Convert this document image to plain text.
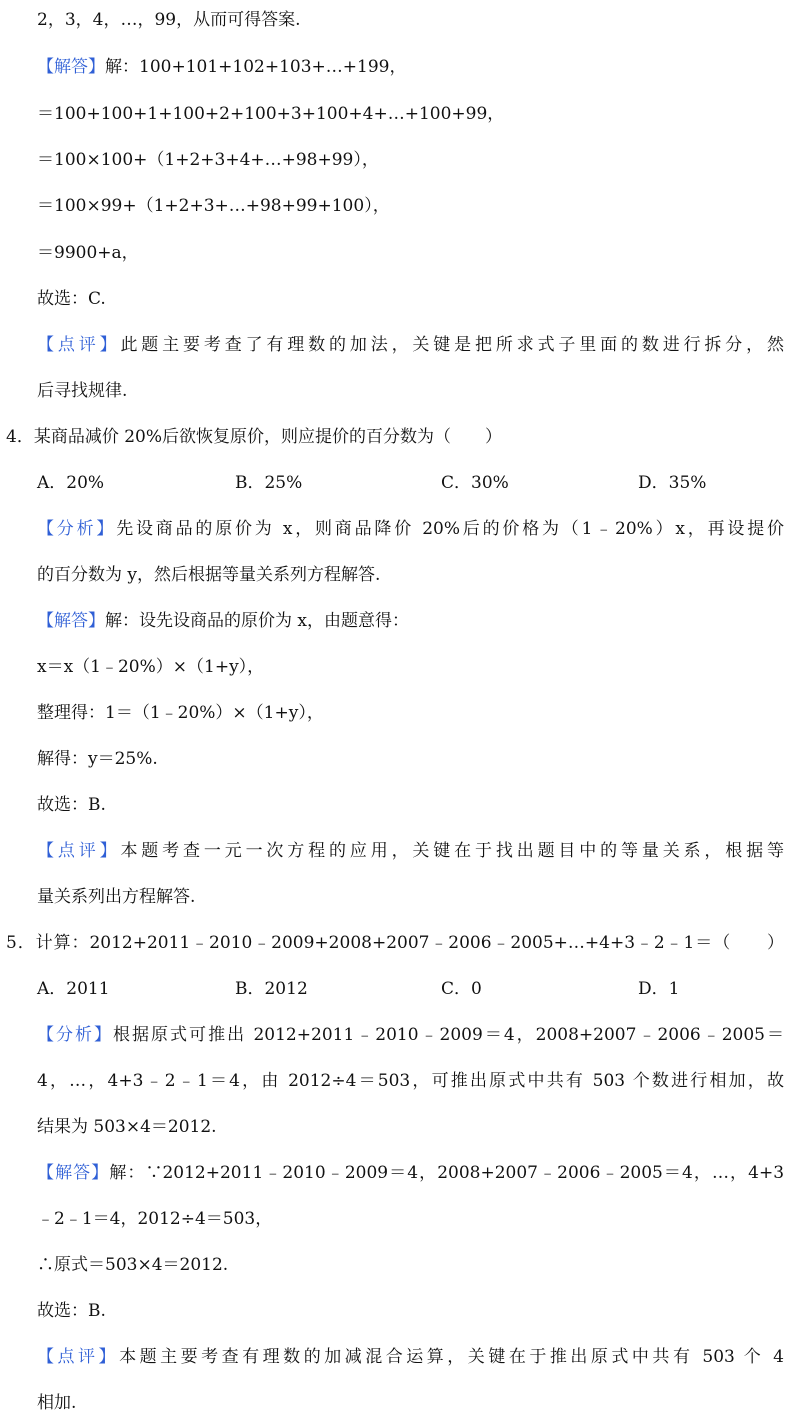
2，3，4，…，99，从而可得答案.
【解答】解：100+101+102+103+…+199，
＝100+100+1+100+2+100+3+100+4+…+100+99，
＝100×100+（1+2+3+4+…+98+99），
＝100×99+（1+2+3+…+98+99+100），
＝9900+a，
故选：C.
【点评】此题主要考查了有理数的加法，关键是把所求式子里面的数进行拆分，然
后寻找规律.
4．某商品减价 20%后欲恢复原价，则应提价的百分数为（　　）
A．20%	B．25%	C．30%	D．35%
【分析】先设商品的原价为 x，则商品降价 20%后的价格为（1﹣20%）x，再设提价
的百分数为 y，然后根据等量关系列方程解答.
【解答】解：设先设商品的原价为 x，由题意得：
x＝x（1﹣20%）×（1+y），
整理得：1＝（1﹣20%）×（1+y），
解得：y＝25%.
故选：B.
【点评】本题考查一元一次方程的应用，关键在于找出题目中的等量关系，根据等
量关系列出方程解答.
5．计算：2012+2011﹣2010﹣2009+2008+2007﹣2006﹣2005+…+4+3﹣2﹣1＝（　　）
A．2011	B．2012	C．0	D．1
【分析】根据原式可推出 2012+2011﹣2010﹣2009＝4，2008+2007﹣2006﹣2005＝
4，…，4+3﹣2﹣1＝4，由 2012÷4＝503，可推出原式中共有 503 个数进行相加，故
结果为 503×4＝2012.
【解答】解：∵2012+2011﹣2010﹣2009＝4，2008+2007﹣2006﹣2005＝4，…，4+3
﹣2﹣1＝4，2012÷4＝503，
∴原式＝503×4＝2012.
故选：B.
【点评】本题主要考查有理数的加减混合运算，关键在于推出原式中共有 503 个 4
相加.
